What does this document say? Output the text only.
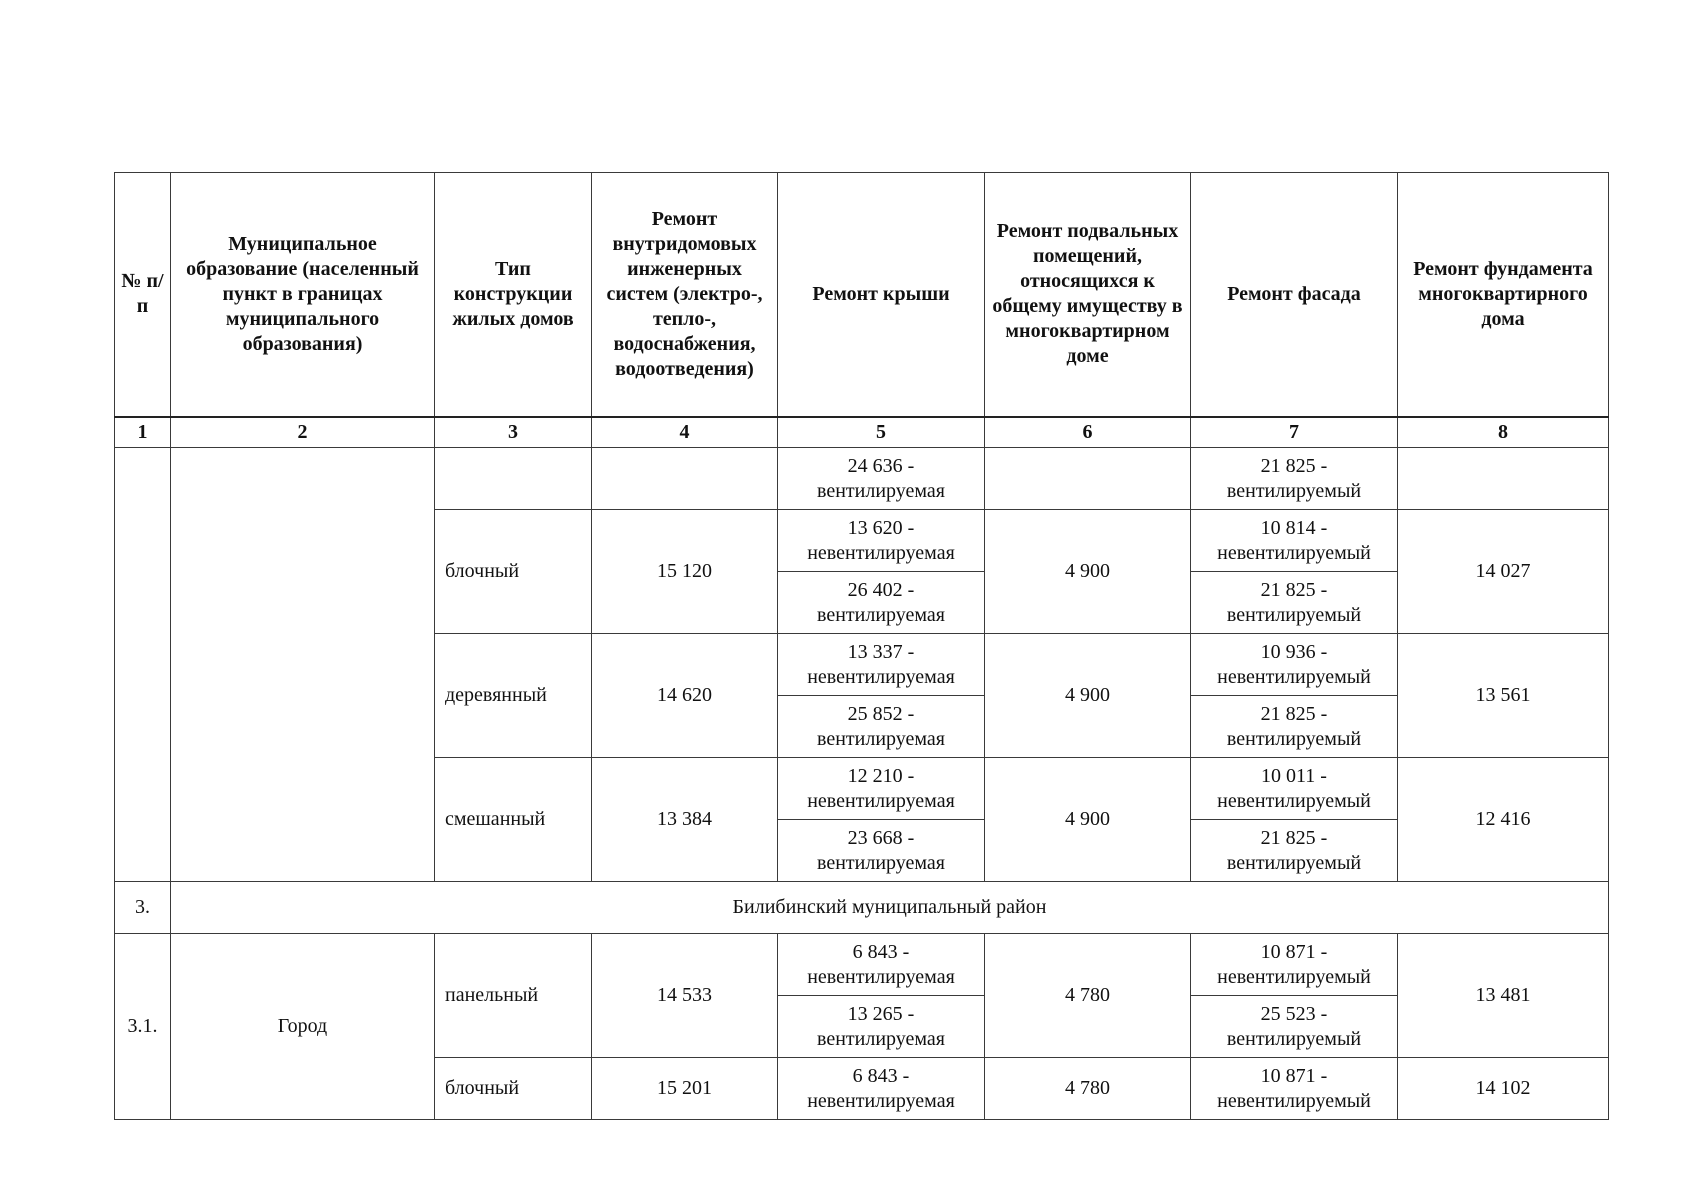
№ п/п	Муниципальное образование (населенный пункт в границах муниципального образования)	Тип конструкции жилых домов	Ремонт внутридомовых инженерных систем (электро-, тепло-, водоснабжения, водоотведения)	Ремонт крыши	Ремонт подвальных помещений, относящихся к общему имуществу в многоквартирном доме	Ремонт фасада	Ремонт фундамента многоквартирного дома
1	2	3	4	5	6	7	8
				24 636 - вентилируемая		21 825 - вентилируемый	
		блочный	15 120	13 620 - невентилируемая	4 900	10 814 - невентилируемый	14 027
				26 402 - вентилируемая		21 825 - вентилируемый	
		деревянный	14 620	13 337 - невентилируемая	4 900	10 936 - невентилируемый	13 561
				25 852 - вентилируемая		21 825 - вентилируемый	
		смешанный	13 384	12 210 - невентилируемая	4 900	10 011 - невентилируемый	12 416
				23 668 - вентилируемая		21 825 - вентилируемый	
3.	Билибинский муниципальный район						
3.1.	Город	панельный	14 533	6 843 - невентилируемая	4 780	10 871 - невентилируемый	13 481
				13 265 - вентилируемая		25 523 - вентилируемый	
		блочный	15 201	6 843 - невентилируемая	4 780	10 871 - невентилируемый	14 102
